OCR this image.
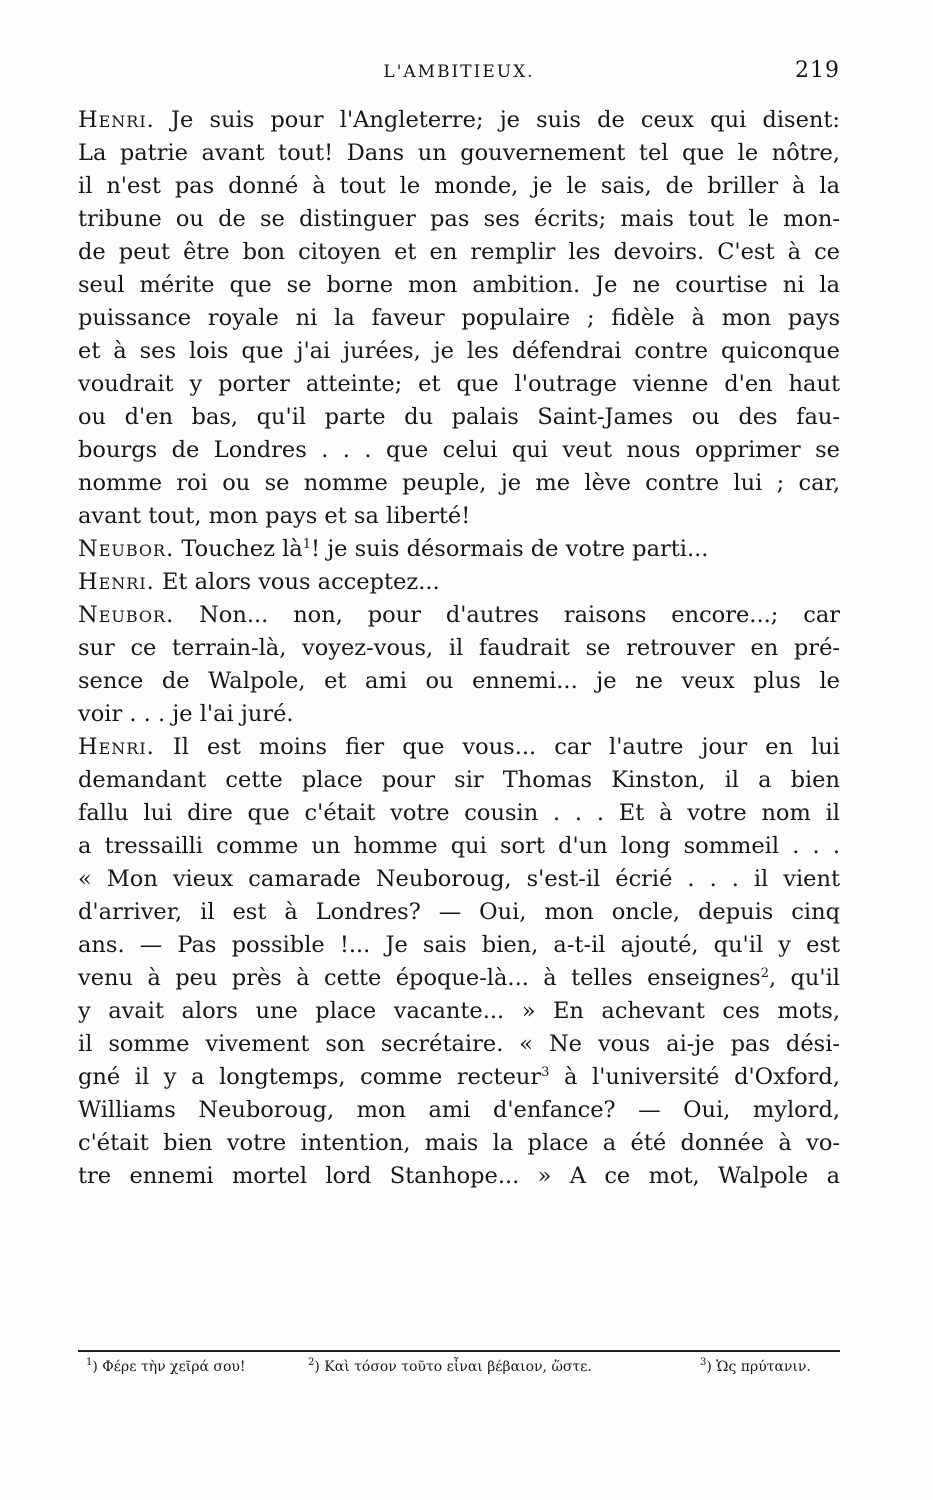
L'AMBITIEUX.	219
Henri. Je suis pour l'Angleterre; je suis de ceux qui disent:
La patrie avant tout! Dans un gouvernement tel que le nôtre,
il n'est pas donné à tout le monde, je le sais, de briller à la
tribune ou de se distinguer pas ses écrits; mais tout le mon-
de peut être bon citoyen et en remplir les devoirs. C'est à ce
seul mérite que se borne mon ambition. Je ne courtise ni la
puissance royale ni la faveur populaire ; fidèle à mon pays
et à ses lois que j'ai jurées, je les défendrai contre quiconque
voudrait y porter atteinte; et que l'outrage vienne d'en haut
ou d'en bas, qu'il parte du palais Saint-James ou des fau-
bourgs de Londres . . . que celui qui veut nous opprimer se
nomme roi ou se nomme peuple, je me lève contre lui ; car,
avant tout, mon pays et sa liberté!
Neubor. Touchez $là^1$! je suis désormais de votre parti...
Henri. Et alors vous acceptez...
Neubor. Non... non, pour d'autres raisons encore...; car
sur ce terrain-là, voyez-vous, il faudrait se retrouver en pré-
sence de Walpole, et ami ou ennemi... je ne veux plus le
voir . . . je l'ai juré.
Henri. Il est moins fier que vous... car l'autre jour en lui
demandant cette place pour sir Thomas Kinston, il a bien
fallu lui dire que c'était votre cousin . . . Et à votre nom il
a tressailli comme un homme qui sort d'un long sommeil . . .
« Mon vieux camarade Neuboroug, s'est-il écrié . . . il vient
d'arriver, il est à Londres? — Oui, mon oncle, depuis cinq
ans. — Pas possible !... Je sais bien, a-t-il ajouté, qu'il y est
venu à peu près à cette époque-là... à telles enseignes$^2$, qu'il
y avait alors une place vacante... » En achevant ces mots,
il somme vivement son secrétaire. « Ne vous ai-je pas dési-
gné il y a longtemps, comme recteur$^3$ à l'université d'Oxford,
Williams Neuboroug, mon ami d'enfance? — Oui, mylord,
c'était bien votre intention, mais la place a été donnée à vo-
tre ennemi mortel lord Stanhope... » A ce mot, Walpole a
$^1$) Φέρε τὴν χεῖρά σου!	$^2$) Καὶ τόσον τοῦτο εἶναι βέβαιον, ὥστε.	$^3$) Ὡς πρύτανιν.
